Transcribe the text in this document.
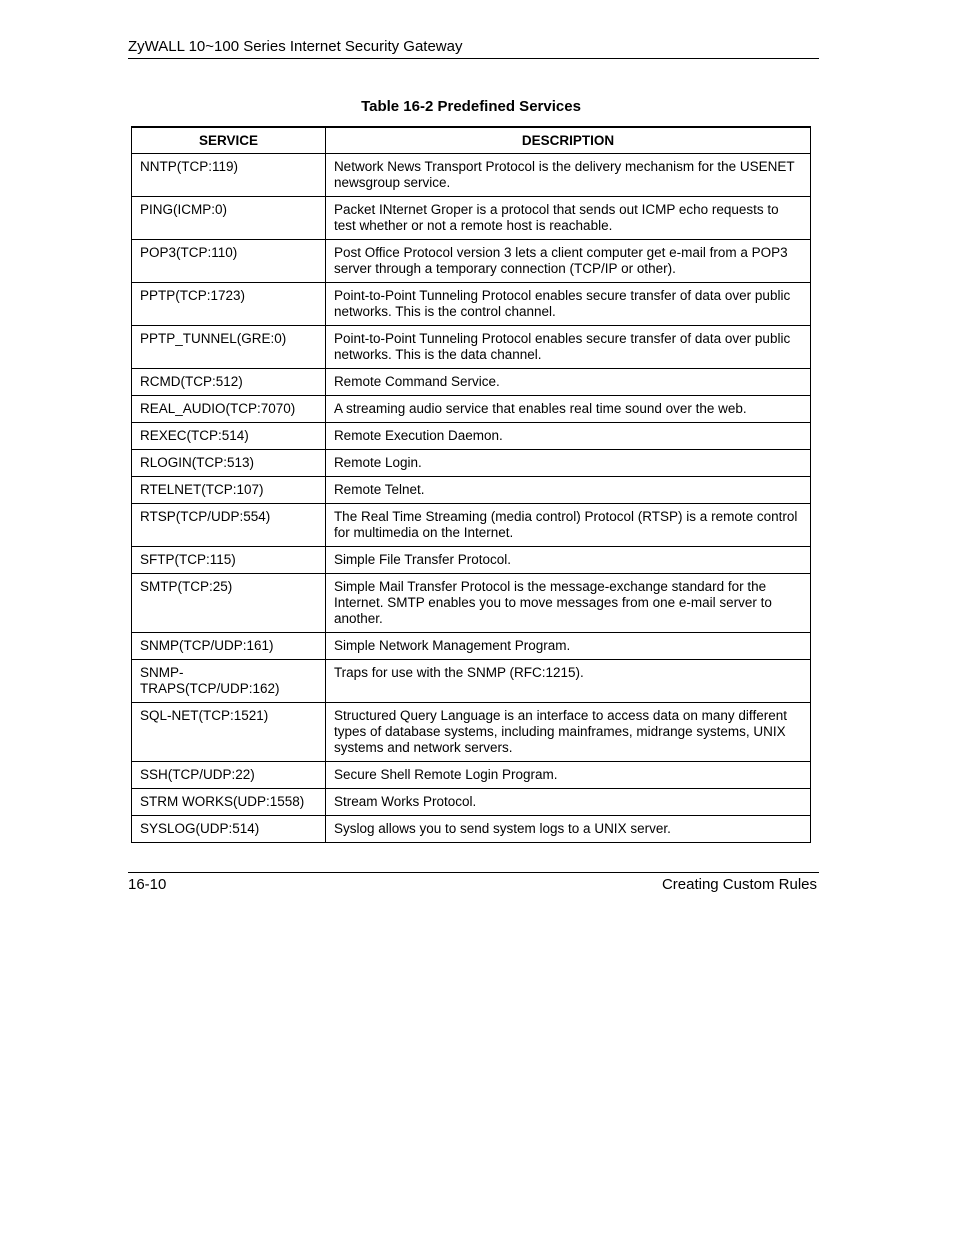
ZyWALL 10~100 Series Internet Security Gateway
Table 16-2 Predefined Services
SERVICE	DESCRIPTION
NNTP(TCP:119)	Network News Transport Protocol is the delivery mechanism for the USENET newsgroup service.
PING(ICMP:0)	Packet INternet Groper is a protocol that sends out ICMP echo requests to test whether or not a remote host is reachable.
POP3(TCP:110)	Post Office Protocol version 3 lets a client computer get e-mail from a POP3 server through a temporary connection (TCP/IP or other).
PPTP(TCP:1723)	Point-to-Point Tunneling Protocol enables secure transfer of data over public networks. This is the control channel.
PPTP_TUNNEL(GRE:0)	Point-to-Point Tunneling Protocol enables secure transfer of data over public networks. This is the data channel.
RCMD(TCP:512)	Remote Command Service.
REAL_AUDIO(TCP:7070)	A streaming audio service that enables real time sound over the web.
REXEC(TCP:514)	Remote Execution Daemon.
RLOGIN(TCP:513)	Remote Login.
RTELNET(TCP:107)	Remote Telnet.
RTSP(TCP/UDP:554)	The Real Time Streaming (media control) Protocol (RTSP) is a remote control for multimedia on the Internet.
SFTP(TCP:115)	Simple File Transfer Protocol.
SMTP(TCP:25)	Simple Mail Transfer Protocol is the message-exchange standard for the Internet. SMTP enables you to move messages from one e-mail server to another.
SNMP(TCP/UDP:161)	Simple Network Management Program.
SNMP-TRAPS(TCP/UDP:162)	Traps for use with the SNMP (RFC:1215).
SQL-NET(TCP:1521)	Structured Query Language is an interface to access data on many different types of database systems, including mainframes, midrange systems, UNIX systems and network servers.
SSH(TCP/UDP:22)	Secure Shell Remote Login Program.
STRM WORKS(UDP:1558)	Stream Works Protocol.
SYSLOG(UDP:514)	Syslog allows you to send system logs to a UNIX server.
16-10	Creating Custom Rules
